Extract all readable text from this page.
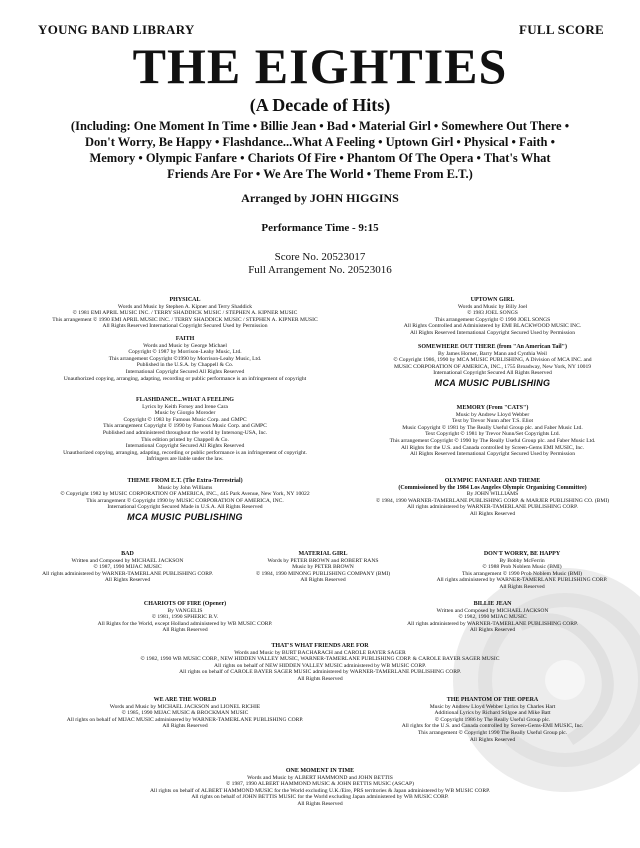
YOUNG BAND LIBRARY	FULL SCORE
THE EIGHTIES
(A Decade of Hits)
(Including: One Moment In Time • Billie Jean • Bad • Material Girl • Somewhere Out There •
Don't Worry, Be Happy • Flashdance...What A Feeling • Uptown Girl • Physical • Faith •
Memory • Olympic Fanfare • Chariots Of Fire • Phantom Of The Opera • That's What
Friends Are For • We Are The World • Theme From E.T.)
Arranged by JOHN HIGGINS
Performance Time - 9:15
Score No. 20523017
Full Arrangement No. 20523016
PHYSICAL
Words and Music by Stephen A. Kipner and Terry Shaddick
© 1981 EMI APRIL MUSIC INC. / TERRY SHADDICK MUSIC / STEPHEN A. KIPNER MUSIC
This arrangement © 1990 EMI APRIL MUSIC INC. / TERRY SHADDICK MUSIC / STEPHEN A. KIPNER MUSIC
All Rights Reserved International Copyright Secured Used by Permission
UPTOWN GIRL
Words and Music by Billy Joel
© 1983 JOEL SONGS
This arrangement Copyright © 1990 JOEL SONGS
All Rights Controlled and Administered by EMI BLACKWOOD MUSIC INC.
All Rights Reserved International Copyright Secured Used by Permission
FAITH
Words and Music by George Michael
Copyright © 1987 by Morrison-Leahy Music, Ltd.
This arrangement Copyright ©1990 by Morrison-Leahy Music, Ltd.
Published in the U.S.A. by Chappell & Co.
International Copyright Secured All Rights Reserved
Unauthorized copying, arranging, adapting, recording or public performance is an infringement of copyright
SOMEWHERE OUT THERE (from "An American Tail")
By James Horner, Barry Mann and Cynthia Weil
© Copyright 1986, 1990 by MCA MUSIC PUBLISHING, A Division of MCA INC. and
MUSIC CORPORATION OF AMERICA, INC., 1755 Broadway, New York, NY 10019
International Copyright Secured All Rights Reserved
MCA MUSIC PUBLISHING
FLASHDANCE...WHAT A FEELING
Lyrics by Keith Forsey and Irene Cara
Music by Giorgio Moroder
Copyright © 1983 by Famous Music Corp. and GMPC
This arrangement Copyright © 1990 by Famous Music Corp. and GMPC
Published and administered throughout the world by Intersong-USA, Inc.
This edition printed by Chappell & Co.
International Copyright Secured All Rights Reserved
Unauthorized copying, arranging, adapting, recording or public performance is an infringement of copyright.
Infringers are liable under the law.
MEMORY (From "CATS")
Music by Andrew Lloyd Webber
Text by Trevor Nunn after T.S. Eliot
Music Copyright © 1981 by The Really Useful Group plc. and Faber Music Ltd.
Text Copyright © 1981 by Trevor Nunn/Set Copyrights Ltd.
This arrangement Copyright © 1990 by The Really Useful Group plc. and Faber Music Ltd.
All Rights for the U.S. and Canada controlled by Screen-Gems EMI MUSIC, Inc.
All Rights Reserved International Copyright Secured Used by Permission
THEME FROM E.T. (The Extra-Terrestrial)
Music by John Williams
© Copyright 1982 by MUSIC CORPORATION OF AMERICA, INC., 445 Park Avenue, New York, NY 10022
This arrangement © Copyright 1990 by MUSIC CORPORATION OF AMERICA, INC.
International Copyright Secured Made in U.S.A. All Rights Reserved
MCA MUSIC PUBLISHING
OLYMPIC FANFARE AND THEME
(Commissioned by the 1984 Los Angeles Olympic Organizing Committee)
By JOHN WILLIAMS
© 1984, 1990 WARNER-TAMERLANE PUBLISHING CORP. & MARJER PUBLISHING CO. (BMI)
All rights administered by WARNER-TAMERLANE PUBLISHING CORP.
All Rights Reserved
BAD
Written and Composed by MICHAEL JACKSON
© 1987, 1990 MIJAC MUSIC
All rights administered by WARNER-TAMERLANE PUBLISHING CORP.
All Rights Reserved
MATERIAL GIRL
Words by PETER BROWN and ROBERT RANS
Music by PETER BROWN
© 1984, 1990 MINONG PUBLISHING COMPANY (BMI)
All Rights Reserved
DON'T WORRY, BE HAPPY
By Bobby McFerrin
© 1988 Prob Noblem Music (BMI)
This arrangement © 1990 Prob Noblem Music (BMI)
All rights administered by WARNER-TAMERLANE PUBLISHING CORP.
All Rights Reserved
CHARIOTS OF FIRE (Opener)
By VANGELIS
© 1981, 1990 SPHERIC B.V.
All Rights for the World, except Holland administered by WB MUSIC CORP.
All Rights Reserved
BILLIE JEAN
Written and Composed by MICHAEL JACKSON
© 1982, 1990 MIJAC MUSIC
All rights administered by WARNER-TAMERLANE PUBLISHING CORP.
All Rights Reserved
THAT'S WHAT FRIENDS ARE FOR
Words and Music by BURT BACHARACH and CAROLE BAYER SAGER
© 1982, 1990 WB MUSIC CORP., NEW HIDDEN VALLEY MUSIC, WARNER-TAMERLANE PUBLISHING CORP. & CAROLE BAYER SAGER MUSIC
All rights on behalf of NEW HIDDEN VALLEY MUSIC administered by WB MUSIC CORP.
All rights on behalf of CAROLE BAYER SAGER MUSIC administered by WARNER-TAMERLANE PUBLISHING CORP.
All Rights Reserved
WE ARE THE WORLD
Words and Music by MICHAEL JACKSON and LIONEL RICHIE
© 1985, 1990 MIJAC MUSIC & BROCKMAN MUSIC
All rights on behalf of MIJAC MUSIC administered by WARNER-TAMERLANE PUBLISHING CORP.
All Rights Reserved
THE PHANTOM OF THE OPERA
Music by Andrew Lloyd Webber Lyrics by Charles Hart
Additional Lyrics by Richard Stilgoe and Mike Batt
© Copyright 1986 by The Really Useful Group plc.
All rights for the U.S. and Canada controlled by Screen-Gems-EMI MUSIC, Inc.
This arrangement © Copyright 1990 The Really Useful Group plc.
All Rights Reserved
ONE MOMENT IN TIME
Words and Music by ALBERT HAMMOND and JOHN BETTIS
© 1987, 1990 ALBERT HAMMOND MUSIC & JOHN BETTIS MUSIC (ASCAP)
All rights on behalf of ALBERT HAMMOND MUSIC for the World excluding U.K./Eire, PRS territories & Japan administered by WB MUSIC CORP.
All rights on behalf of JOHN BETTIS MUSIC for the World excluding Japan administered by WB MUSIC CORP.
All Rights Reserved
